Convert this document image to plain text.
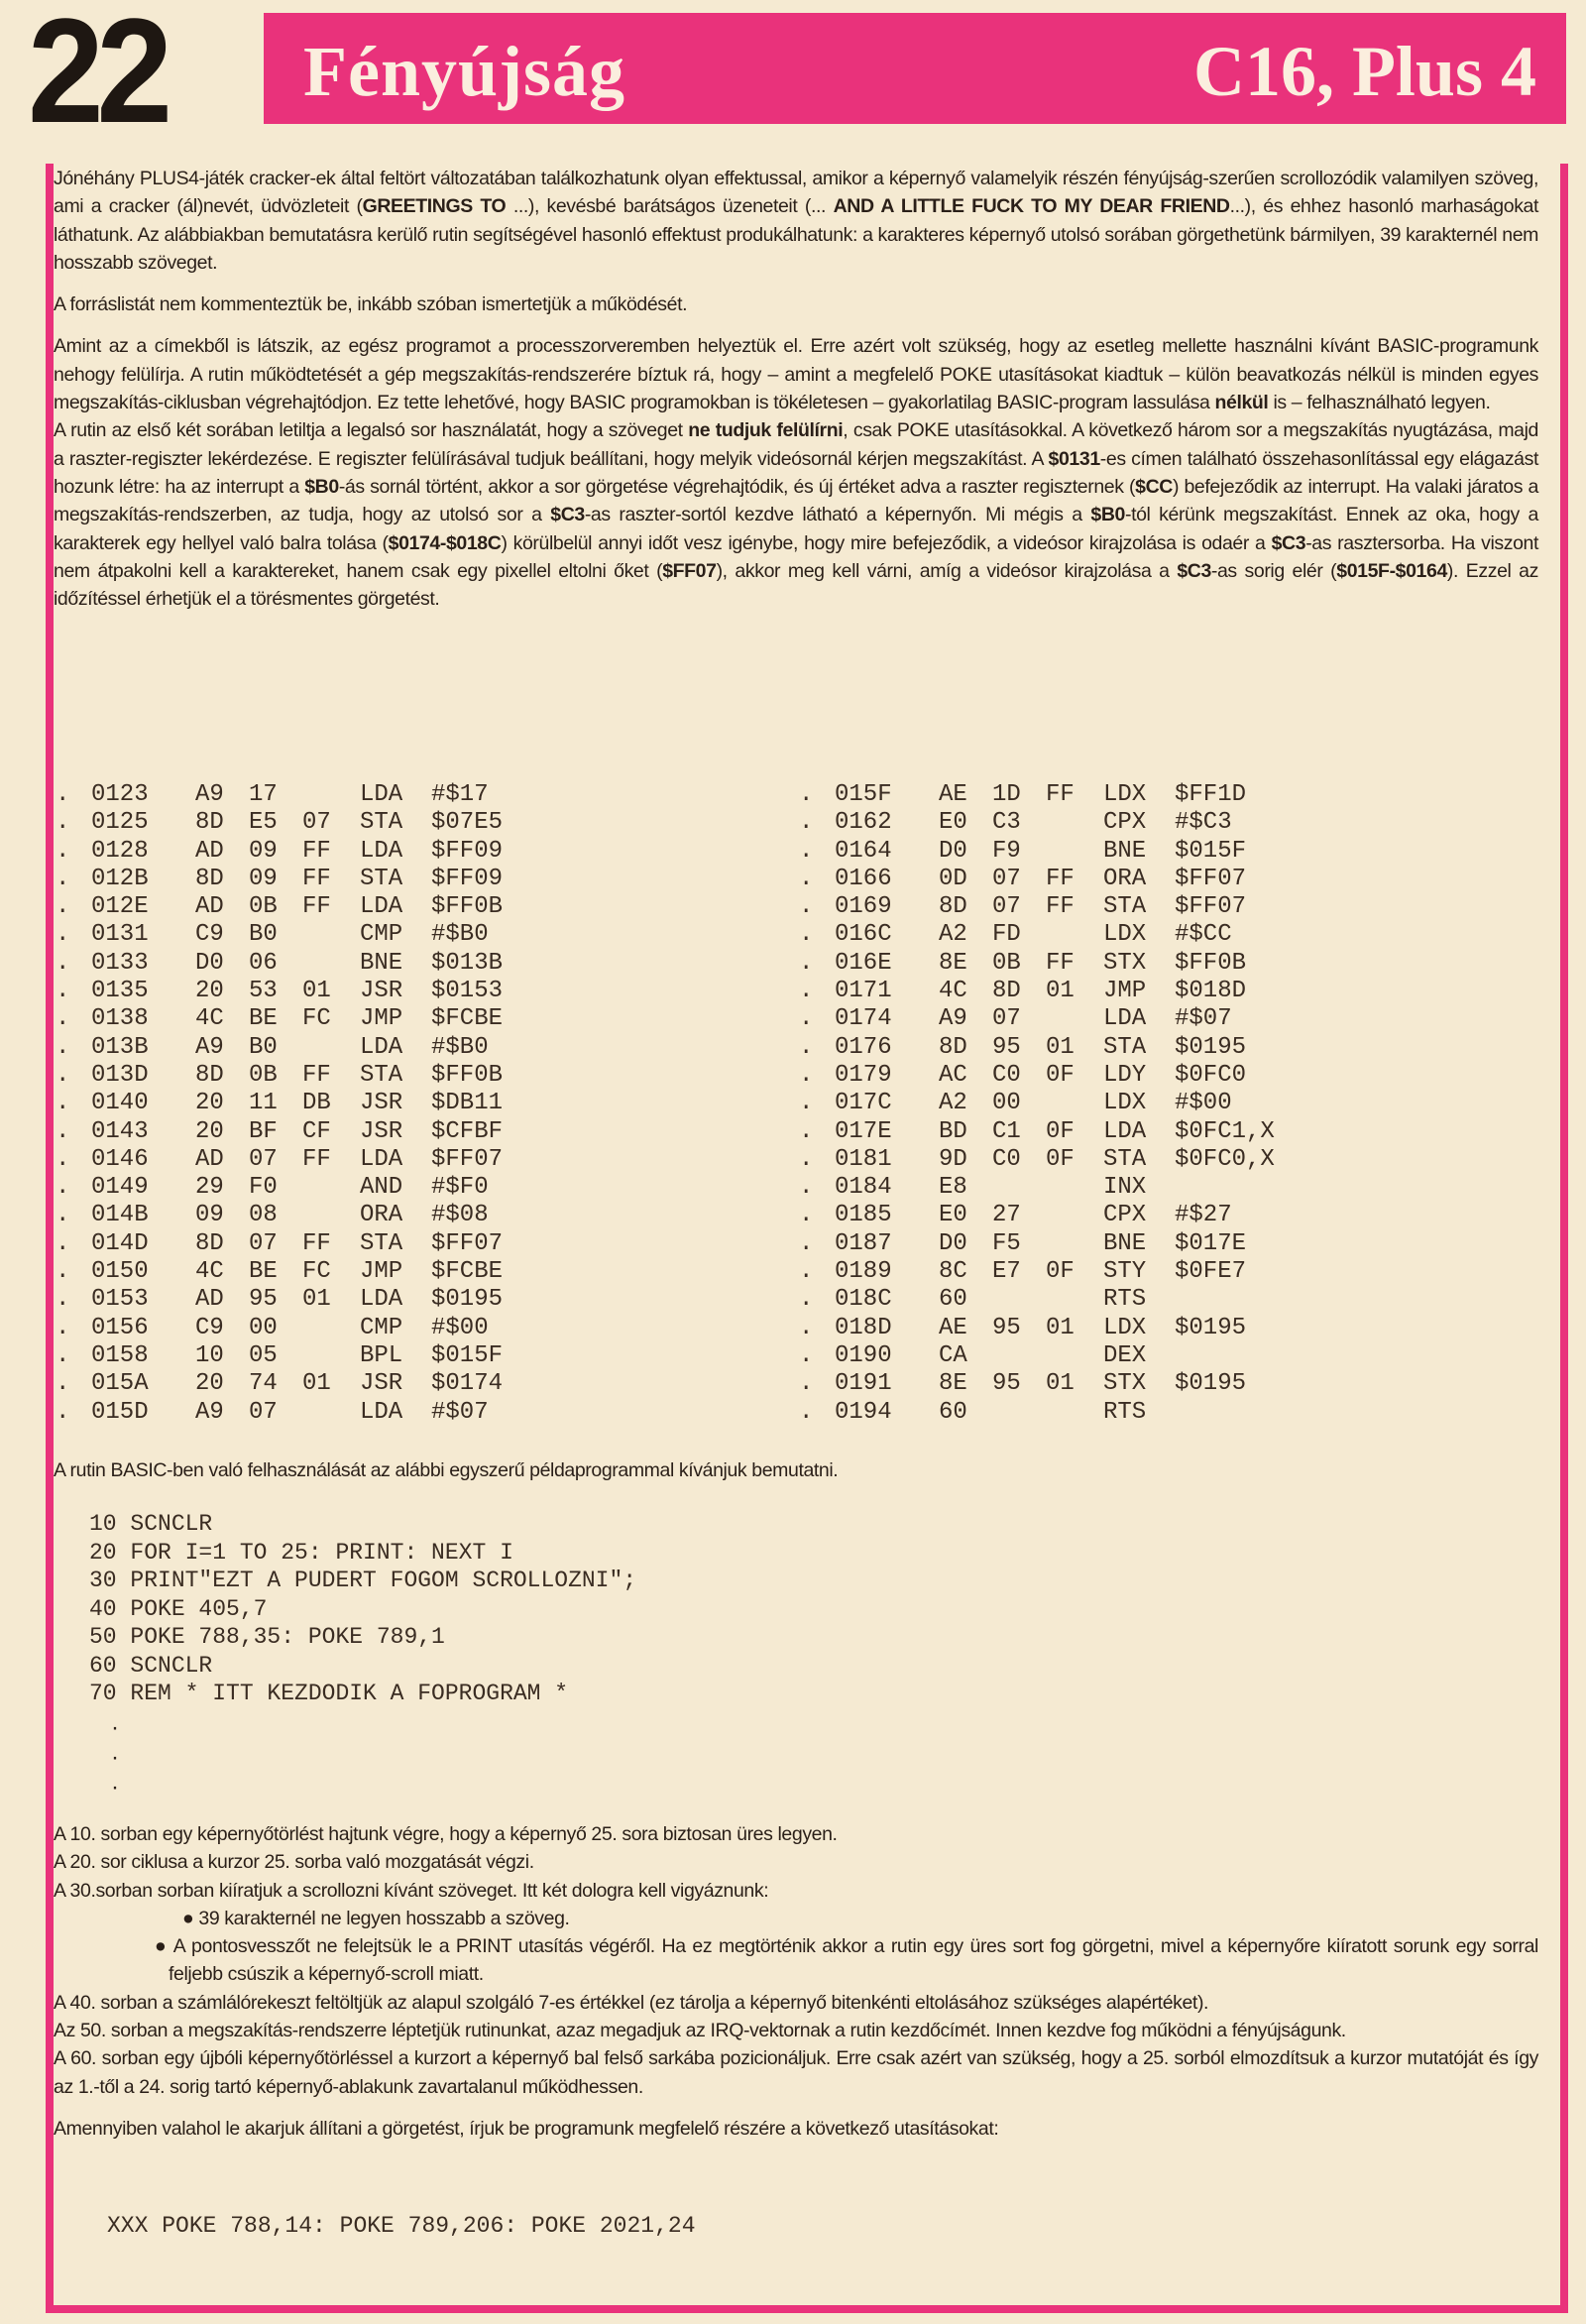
22 Fényújság	C16, Plus 4

Jónéhány PLUS4-játék cracker-ek által feltört változatában találkozhatunk olyan effektussal, amikor a képernyő valamelyik részén fényújság-szerűen scrollozódik valamilyen szöveg, ami a cracker (ál)nevét, üdvözleteit (GREETINGS TO ...), kevésbé barátságos üzeneteit (... AND A LITTLE FUCK TO MY DEAR FRIEND...), és ehhez hasonló marhaságokat láthatunk. Az alábbiakban bemutatásra kerülő rutin segítségével hasonló effektust produkálhatunk: a karakteres képernyő utolsó sorában görgethetünk bármilyen, 39 karakternél nem hosszabb szöveget.

A forráslistát nem kommenteztük be, inkább szóban ismertetjük a működését.

Amint az a címekből is látszik, az egész programot a processzorveremben helyeztük el. Erre azért volt szükség, hogy az esetleg mellette használni kívánt BASIC-programunk nehogy felülírja. A rutin működtetését a gép megszakítás-rendszerére bíztuk rá, hogy – amint a megfelelő POKE utasításokat kiadtuk – külön beavatkozás nélkül is minden egyes megszakítás-ciklusban végrehajtódjon. Ez tette lehetővé, hogy BASIC programokban is tökéletesen – gyakorlatilag BASIC-program lassulása nélkül is – felhasználható legyen.

A rutin az első két sorában letiltja a legalsó sor használatát, hogy a szöveget ne tudjuk felülírni, csak POKE utasításokkal. A következő három sor a megszakítás nyugtázása, majd a raszter-regiszter lekérdezése. E regiszter felülírásával tudjuk beállítani, hogy melyik videósornál kérjen megszakítást. A $0131-es címen található összehasonlítással egy elágazást hozunk létre: ha az interrupt a $B0-ás sornál történt, akkor a sor görgetése végrehajtódik, és új értéket adva a raszter regiszternek ($CC) befejeződik az interrupt. Ha valaki járatos a megszakítás-rendszerben, az tudja, hogy az utolsó sor a $C3-as raszter-sortól kezdve látható a képernyőn. Mi mégis a $B0-tól kérünk megszakítást. Ennek az oka, hogy a karakterek egy hellyel való balra tolása ($0174-$018C) körülbelül annyi időt vesz igénybe, hogy mire befejeződik, a videósor kirajzolása is odaér a $C3-as rasztersorba. Ha viszont nem átpakolni kell a karaktereket, hanem csak egy pixellel eltolni őket ($FF07), akkor meg kell várni, amíg a videósor kirajzolása a $C3-as sorig elér ($015F-$0164). Ezzel az időzítéssel érhetjük el a törésmentes görgetést.

. 0123	A9	17	LDA	#$17
. 0125	8D	E5	07	STA	$07E5
. 0128	AD	09	FF	LDA	$FF09
. 012B	8D	09	FF	STA	$FF09
. 012E	AD	0B	FF	LDA	$FF0B
. 0131	C9	B0	CMP	#$B0
. 0133	D0	06	BNE	$013B
. 0135	20	53	01	JSR	$0153
. 0138	4C	BE	FC	JMP	$FCBE
. 013B	A9	B0	LDA	#$B0
. 013D	8D	0B	FF	STA	$FF0B
. 0140	20	11	DB	JSR	$DB11
. 0143	20	BF	CF	JSR	$CFBF
. 0146	AD	07	FF	LDA	$FF07
. 0149	29	F0	AND	#$F0
. 014B	09	08	ORA	#$08
. 014D	8D	07	FF	STA	$FF07
. 0150	4C	BE	FC	JMP	$FCBE
. 0153	AD	95	01	LDA	$0195
. 0156	C9	00	CMP	#$00
. 0158	10	05	BPL	$015F
. 015A	20	74	01	JSR	$0174
. 015D	A9	07	LDA	#$07
. 015F	AE	1D	FF	LDX	$FF1D
. 0162	E0	C3	CPX	#$C3
. 0164	D0	F9	BNE	$015F
. 0166	0D	07	FF	ORA	$FF07
. 0169	8D	07	FF	STA	$FF07
. 016C	A2	FD	LDX	#$CC
. 016E	8E	0B	FF	STX	$FF0B
. 0171	4C	8D	01	JMP	$018D
. 0174	A9	07	LDA	#$07
. 0176	8D	95	01	STA	$0195
. 0179	AC	C0	0F	LDY	$0FC0
. 017C	A2	00	LDX	#$00
. 017E	BD	C1	0F	LDA	$0FC1,X
. 0181	9D	C0	0F	STA	$0FC0,X
. 0184	E8	INX
. 0185	E0	27	CPX	#$27
. 0187	D0	F5	BNE	$017E
. 0189	8C	E7	0F	STY	$0FE7
. 018C	60	RTS
. 018D	AE	95	01	LDX	$0195
. 0190	CA	DEX
. 0191	8E	95	01	STX	$0195
. 0194	60	RTS
A rutin BASIC-ben való felhasználását az alábbi egyszerű példaprogrammal kívánjuk bemutatni.
10 SCNCLR
20 FOR I=1 TO 25: PRINT: NEXT I
30 PRINT"EZT A PUDERT FOGOM SCROLLOZNI";
40 POKE 405,7
50 POKE 788,35: POKE 789,1
60 SCNCLR
70 REM * ITT KEZDODIK A FOPROGRAM *
·
·
·

A 10. sorban egy képernyőtörlést hajtunk végre, hogy a képernyő 25. sora biztosan üres legyen.

A 20. sor ciklusa a kurzor 25. sorba való mozgatását végzi.

A 30.sorban sorban kiíratjuk a scrollozni kívánt szöveget. Itt két dologra kell vigyáznunk:

● 39 karakternél ne legyen hosszabb a szöveg.

● A pontosvesszőt ne felejtsük le a PRINT utasítás végéről. Ha ez megtörténik akkor a rutin egy üres sort fog görgetni, mivel a képernyőre kiíratott sorunk egy sorral feljebb csúszik a képernyő-scroll miatt.

A 40. sorban a számlálórekeszt feltöltjük az alapul szolgáló 7-es értékkel (ez tárolja a képernyő bitenkénti eltolásához szükséges alapértéket).

Az 50. sorban a megszakítás-rendszerre léptetjük rutinunkat, azaz megadjuk az IRQ-vektornak a rutin kezdőcímét. Innen kezdve fog működni a fényújságunk.

A 60. sorban egy újbóli képernyőtörléssel a kurzort a képernyő bal felső sarkába pozicionáljuk. Erre csak azért van szükség, hogy a 25. sorból elmozdítsuk a kurzor mutatóját és így az 1.-től a 24. sorig tartó képernyő-ablakunk zavartalanul működhessen.

Amennyiben valahol le akarjuk állítani a görgetést, írjuk be programunk megfelelő részére a következő utasításokat:

XXX POKE 788,14: POKE 789,206: POKE 2021,24
